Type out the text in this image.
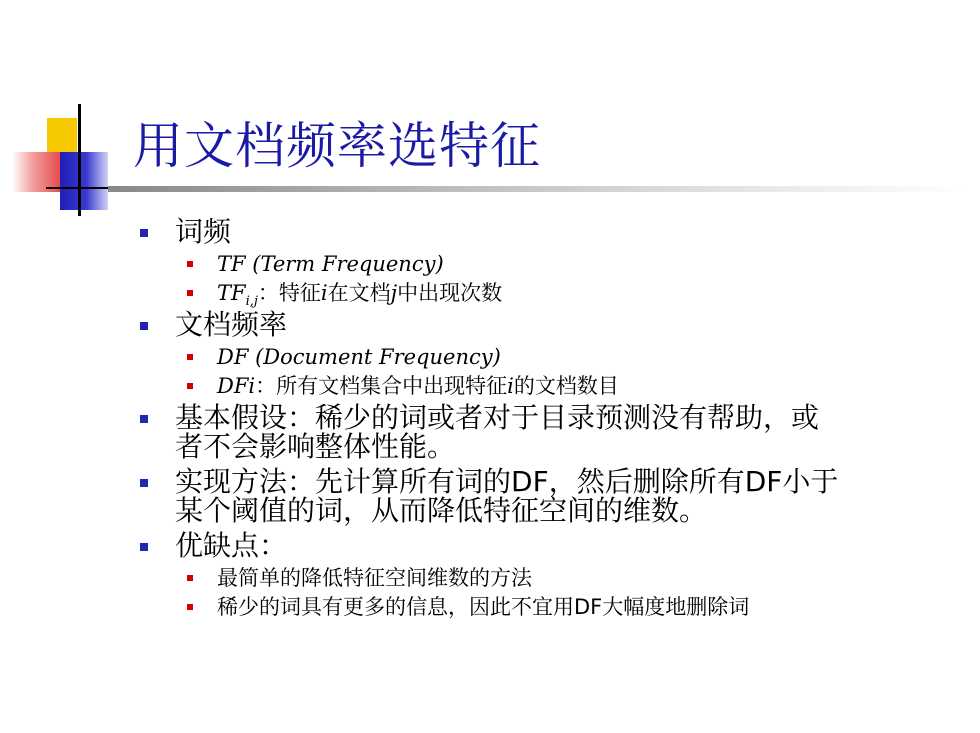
用文档频率选特征
词频
TF (Term Frequency)
$TF_{i,j}$：特征i在文档j中出现次数
文档频率
DF (Document Frequency)
DFi：所有文档集合中出现特征i的文档数目
基本假设：稀少的词或者对于目录预测没有帮助，或
者不会影响整体性能。
实现方法：先计算所有词的DF，然后删除所有DF小于
某个阈值的词，从而降低特征空间的维数。
优缺点：
最简单的降低特征空间维数的方法
稀少的词具有更多的信息，因此不宜用DF大幅度地删除词
